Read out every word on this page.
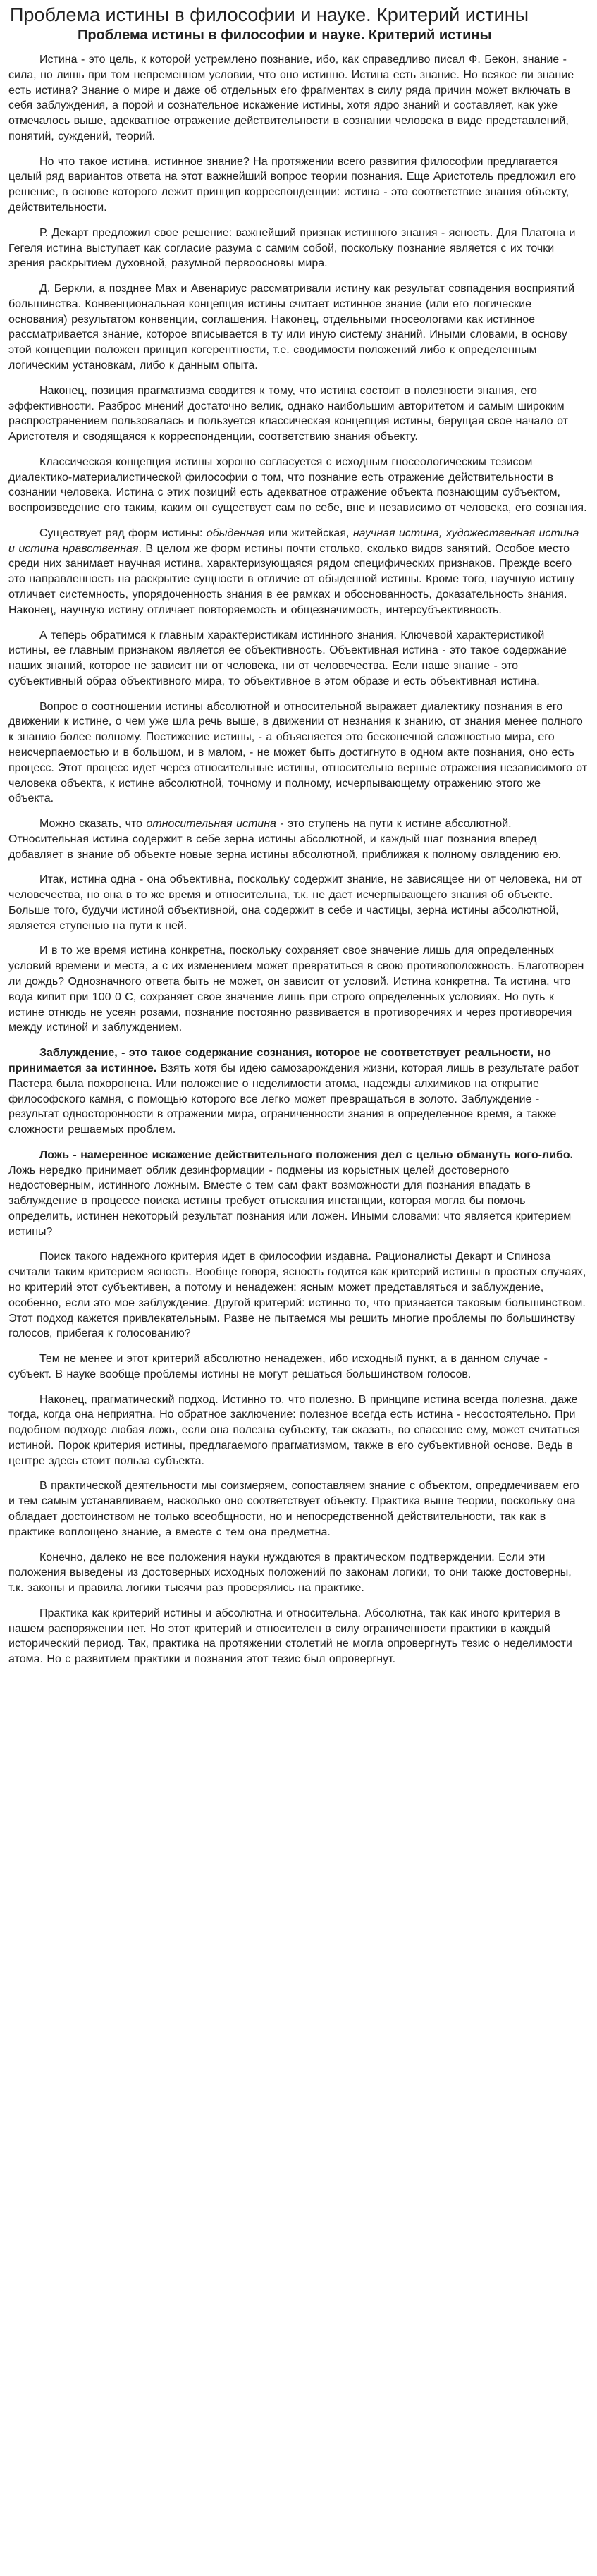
Проблема истины в философии и науке. Критерий истины
Проблема истины в философии и науке. Критерий истины

Истина - это цель, к которой устремлено познание, ибо, как справедливо писал Ф. Бекон, знание - сила, но лишь при том непременном условии, что оно истинно. Истина есть знание. Но всякое ли знание есть истина? Знание о мире и даже об отдельных его фрагментах в силу ряда причин может включать в себя заблуждения, а порой и сознательное искажение истины, хотя ядро знаний и составляет, как уже отмечалось выше, адекватное отражение действительности в сознании человека в виде представлений, понятий, суждений, теорий.

Но что такое истина, истинное знание? На протяжении всего развития философии предлагается целый ряд вариантов ответа на этот важнейший вопрос теории познания. Еще Аристотель предложил его решение, в основе которого лежит принцип корреспонденции: истина - это соответствие знания объекту, действительности.

Р. Декарт предложил свое решение: важнейший признак истинного знания - ясность. Для Платона и Гегеля истина выступает как согласие разума с самим собой, поскольку познание является с их точки зрения раскрытием духовной, разумной первоосновы мира.

Д. Беркли, а позднее Мах и Авенариус рассматривали истину как результат совпадения восприятий большинства. Конвенциональная концепция истины считает истинное знание (или его логические основания) результатом конвенции, соглашения. Наконец, отдельными гносеологами как истинное рассматривается знание, которое вписывается в ту или иную систему знаний. Иными словами, в основу этой концепции положен принцип когерентности, т.е. сводимости положений либо к определенным логическим установкам, либо к данным опыта.

Наконец, позиция прагматизма сводится к тому, что истина состоит в полезности знания, его эффективности. Разброс мнений достаточно велик, однако наибольшим авторитетом и самым широким распространением пользовалась и пользуется классическая концепция истины, берущая свое начало от Аристотеля и сводящаяся к корреспонденции, соответствию знания объекту.

Классическая концепция истины хорошо согласуется с исходным гносеологическим тезисом диалектико-материалистической философии о том, что познание есть отражение действительности в сознании человека. Истина с этих позиций есть адекватное отражение объекта познающим субъектом, воспроизведение его таким, каким он существует сам по себе, вне и независимо от человека, его сознания.

Существует ряд форм истины: обыденная или житейская, научная истина, художественная истина и истина нравственная. В целом же форм истины почти столько, сколько видов занятий. Особое место среди них занимает научная истина, характеризующаяся рядом специфических признаков. Прежде всего это направленность на раскрытие сущности в отличие от обыденной истины. Кроме того, научную истину отличает системность, упорядоченность знания в ее рамках и обоснованность, доказательность знания. Наконец, научную истину отличает повторяемость и общезначимость, интерсубъективность.

А теперь обратимся к главным характеристикам истинного знания. Ключевой характеристикой истины, ее главным признаком является ее объективность. Объективная истина - это такое содержание наших знаний, которое не зависит ни от человека, ни от человечества. Если наше знание - это субъективный образ объективного мира, то объективное в этом образе и есть объективная истина.

Вопрос о соотношении истины абсолютной и относительной выражает диалектику познания в его движении к истине, о чем уже шла речь выше, в движении от незнания к знанию, от знания менее полного к знанию более полному. Постижение истины, - а объясняется это бесконечной сложностью мира, его неисчерпаемостью и в большом, и в малом, - не может быть достигнуто в одном акте познания, оно есть процесс. Этот процесс идет через относительные истины, относительно верные отражения независимого от человека объекта, к истине абсолютной, точному и полному, исчерпывающему отражению этого же объекта.

Можно сказать, что относительная истина - это ступень на пути к истине абсолютной. Относительная истина содержит в себе зерна истины абсолютной, и каждый шаг познания вперед добавляет в знание об объекте новые зерна истины абсолютной, приближая к полному овладению ею.

Итак, истина одна - она объективна, поскольку содержит знание, не зависящее ни от человека, ни от человечества, но она в то же время и относительна, т.к. не дает исчерпывающего знания об объекте. Больше того, будучи истиной объективной, она содержит в себе и частицы, зерна истины абсолютной, является ступенью на пути к ней.

И в то же время истина конкретна, поскольку сохраняет свое значение лишь для определенных условий времени и места, а с их изменением может превратиться в свою противоположность. Благотворен ли дождь? Однозначного ответа быть не может, он зависит от условий. Истина конкретна. Та истина, что вода кипит при 100 0 С, сохраняет свое значение лишь при строго определенных условиях. Но путь к истине отнюдь не усеян розами, познание постоянно развивается в противоречиях и через противоречия между истиной и заблуждением.

Заблуждение, - это такое содержание сознания, которое не соответствует реальности, но принимается за истинное. Взять хотя бы идею самозарождения жизни, которая лишь в результате работ Пастера была похоронена. Или положение о неделимости атома, надежды алхимиков на открытие философского камня, с помощью которого все легко может превращаться в золото. Заблуждение - результат односторонности в отражении мира, ограниченности знания в определенное время, а также сложности решаемых проблем.

Ложь - намеренное искажение действительного положения дел с целью обмануть кого-либо. Ложь нередко принимает облик дезинформации - подмены из корыстных целей достоверного недостоверным, истинного ложным. Вместе с тем сам факт возможности для познания впадать в заблуждение в процессе поиска истины требует отыскания инстанции, которая могла бы помочь определить, истинен некоторый результат познания или ложен. Иными словами: что является критерием истины?

Поиск такого надежного критерия идет в философии издавна. Рационалисты Декарт и Спиноза считали таким критерием ясность. Вообще говоря, ясность годится как критерий истины в простых случаях, но критерий этот субъективен, а потому и ненадежен: ясным может представляться и заблуждение, особенно, если это мое заблуждение. Другой критерий: истинно то, что признается таковым большинством. Этот подход кажется привлекательным. Разве не пытаемся мы решить многие проблемы по большинству голосов, прибегая к голосованию?

Тем не менее и этот критерий абсолютно ненадежен, ибо исходный пункт, а в данном случае - субъект. В науке вообще проблемы истины не могут решаться большинством голосов.

Наконец, прагматический подход. Истинно то, что полезно. В принципе истина всегда полезна, даже тогда, когда она неприятна. Но обратное заключение: полезное всегда есть истина - несостоятельно. При подобном подходе любая ложь, если она полезна субъекту, так сказать, во спасение ему, может считаться истиной. Порок критерия истины, предлагаемого прагматизмом, также в его субъективной основе. Ведь в центре здесь стоит польза субъекта.

В практической деятельности мы соизмеряем, сопоставляем знание с объектом, опредмечиваем его и тем самым устанавливаем, насколько оно соответствует объекту. Практика выше теории, поскольку она обладает достоинством не только всеобщности, но и непосредственной действительности, так как в практике воплощено знание, а вместе с тем она предметна.

Конечно, далеко не все положения науки нуждаются в практическом подтверждении. Если эти положения выведены из достоверных исходных положений по законам логики, то они также достоверны, т.к. законы и правила логики тысячи раз проверялись на практике.

Практика как критерий истины и абсолютна и относительна. Абсолютна, так как иного критерия в нашем распоряжении нет. Но этот критерий и относителен в силу ограниченности практики в каждый исторический период. Так, практика на протяжении столетий не могла опровергнуть тезис о неделимости атома. Но с развитием практики и познания этот тезис был опровергнут.
